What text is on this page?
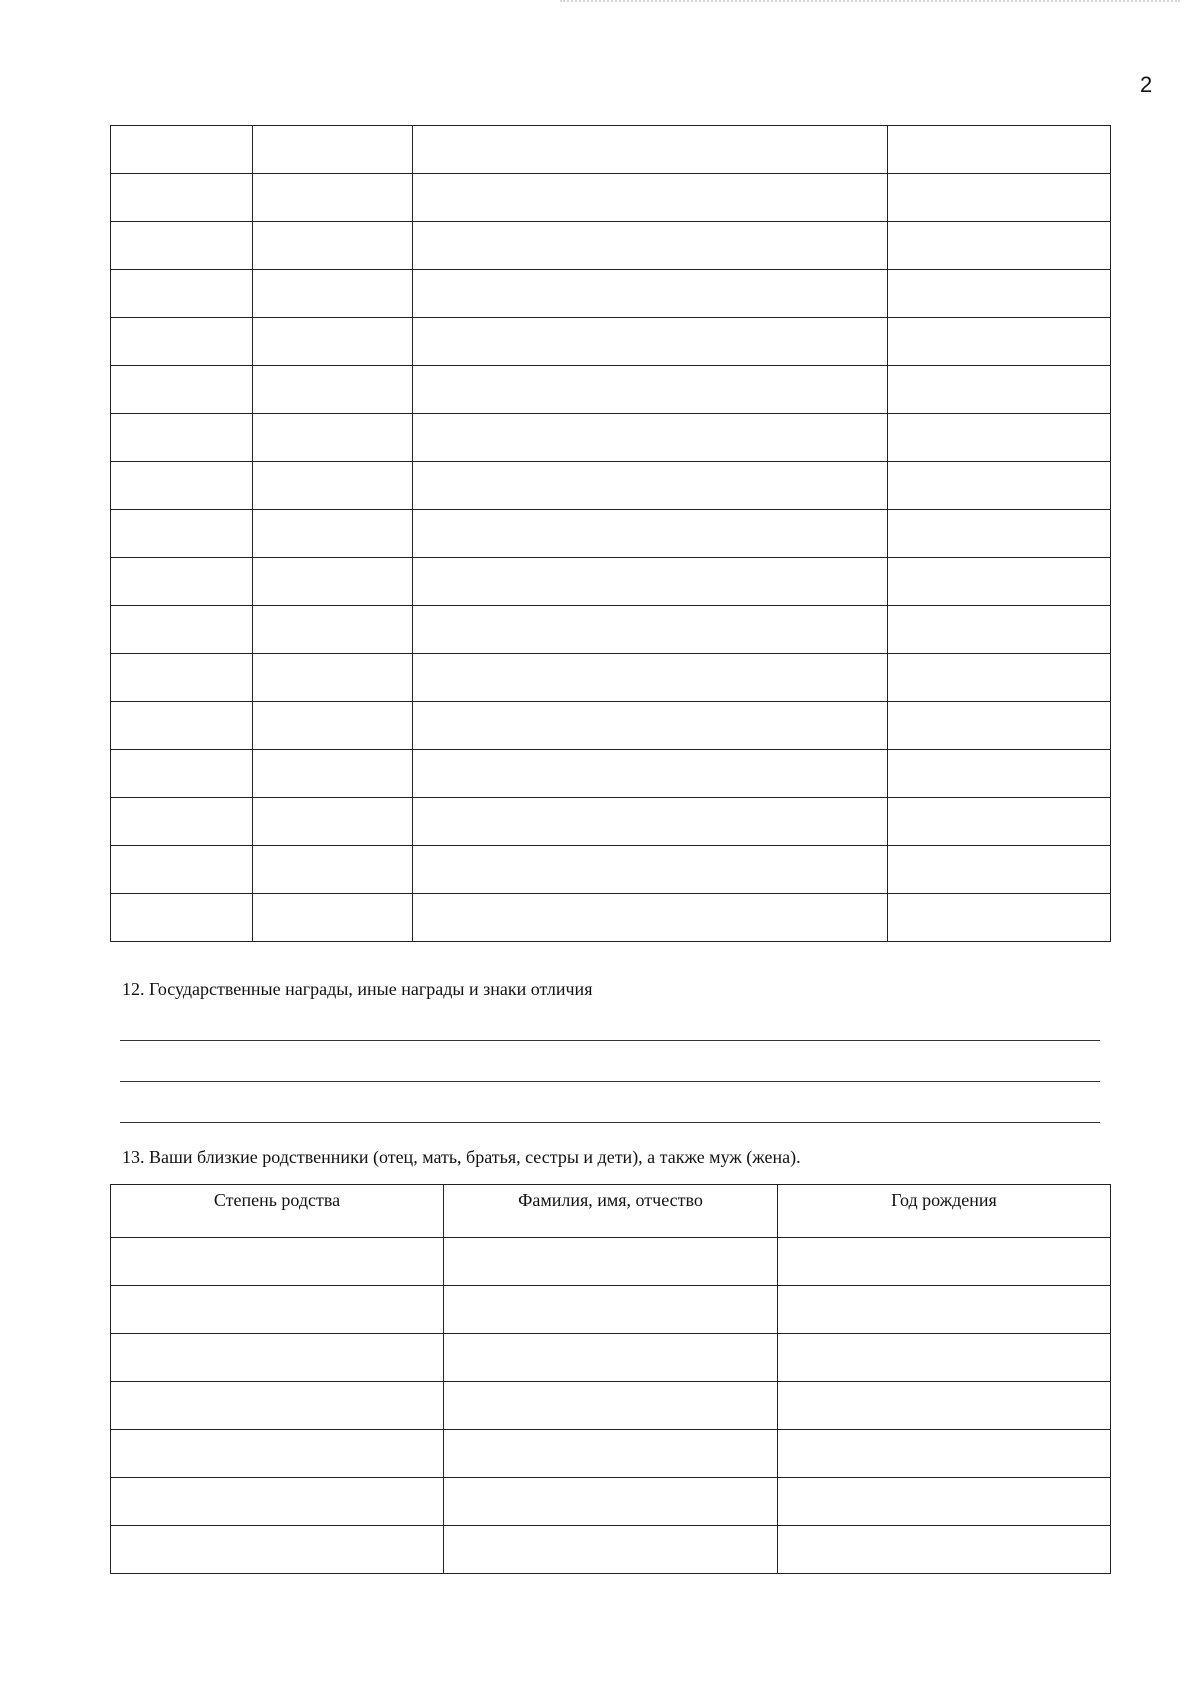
2

12. Государственные награды, иные награды и знаки отличия
13. Ваши близкие родственники (отец, мать, братья, сестры и дети), а также муж (жена).
Степень родства	Фамилия, имя, отчество	Год рождения
